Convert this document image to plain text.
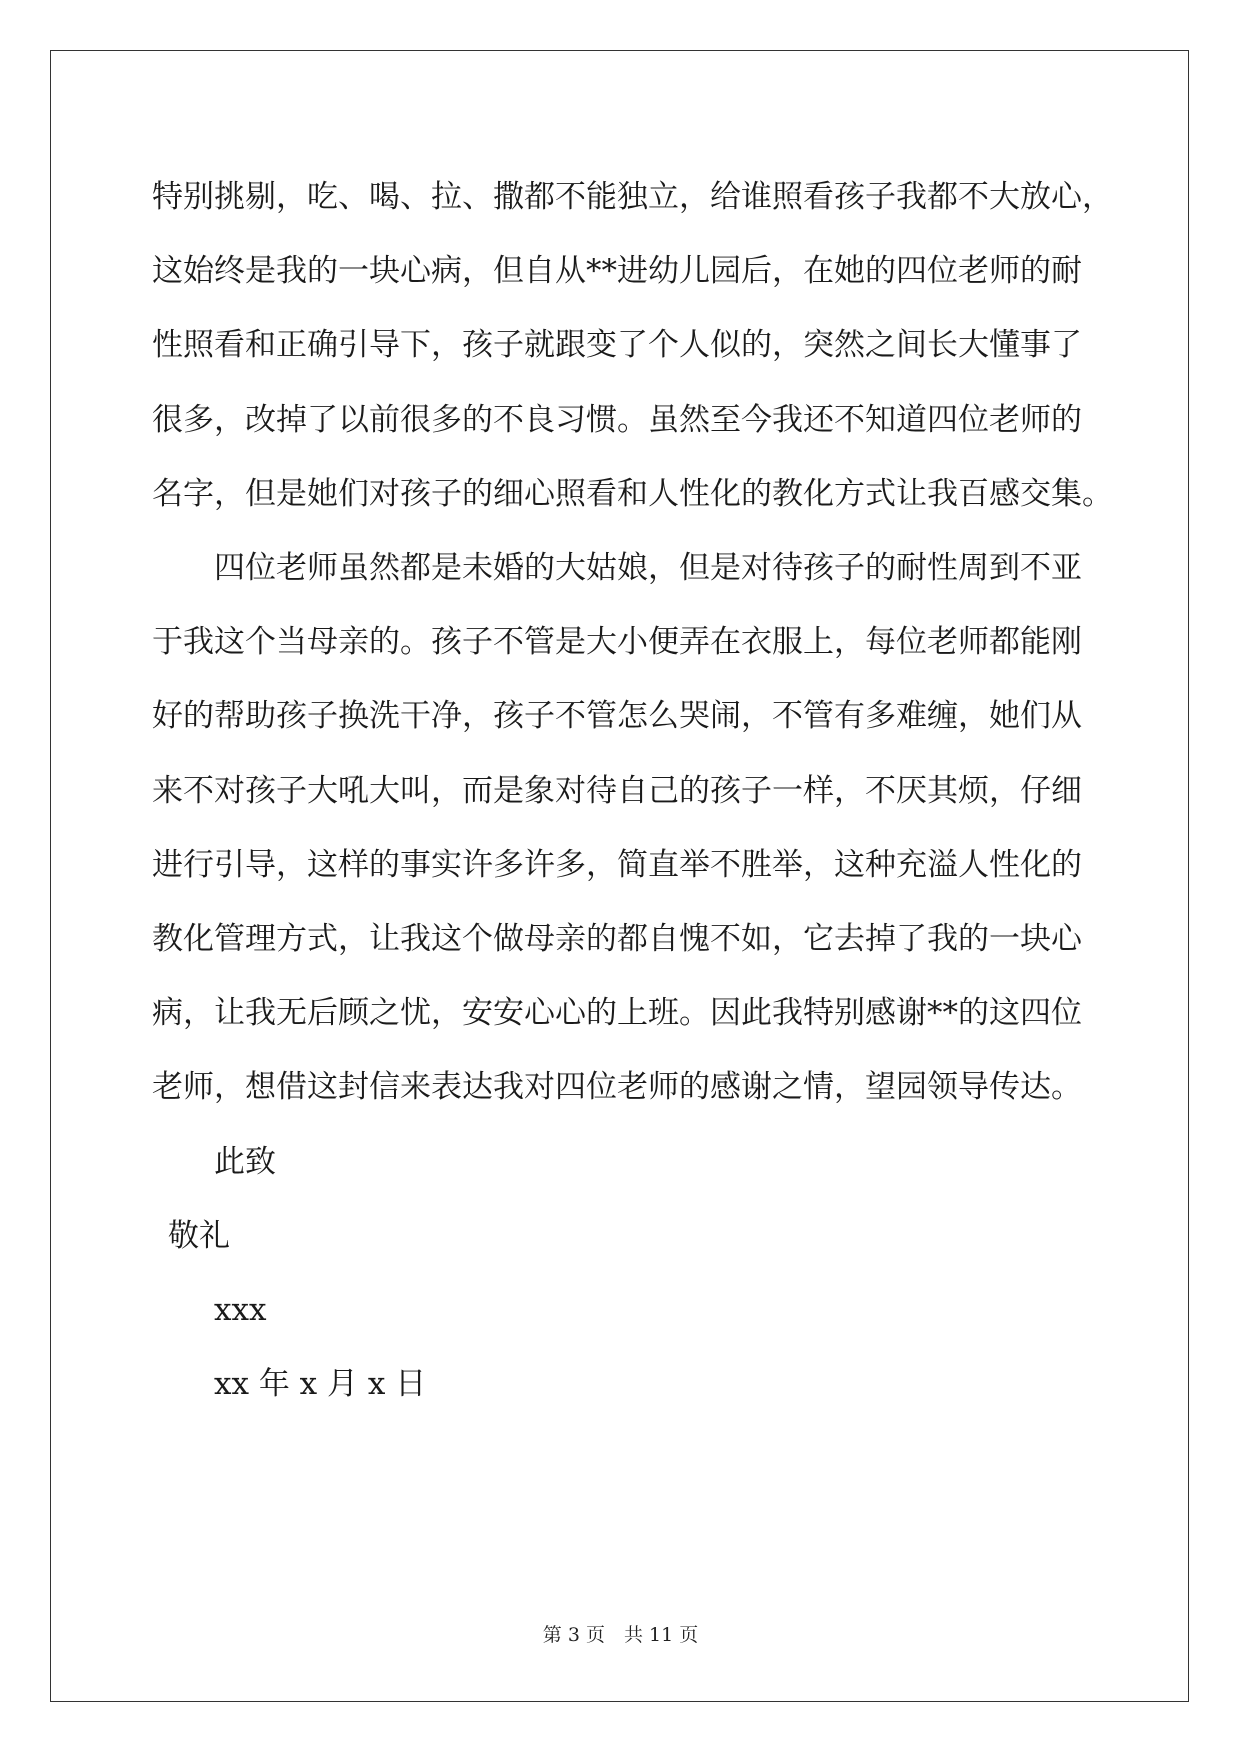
特别挑剔，吃、喝、拉、撒都不能独立，给谁照看孩子我都不大放心，
这始终是我的一块心病，但自从**进幼儿园后，在她的四位老师的耐
性照看和正确引导下，孩子就跟变了个人似的，突然之间长大懂事了
很多，改掉了以前很多的不良习惯。虽然至今我还不知道四位老师的
名字，但是她们对孩子的细心照看和人性化的教化方式让我百感交集。
四位老师虽然都是未婚的大姑娘，但是对待孩子的耐性周到不亚
于我这个当母亲的。孩子不管是大小便弄在衣服上，每位老师都能刚
好的帮助孩子换洗干净，孩子不管怎么哭闹，不管有多难缠，她们从
来不对孩子大吼大叫，而是象对待自己的孩子一样，不厌其烦，仔细
进行引导，这样的事实许多许多，简直举不胜举，这种充溢人性化的
教化管理方式，让我这个做母亲的都自愧不如，它去掉了我的一块心
病，让我无后顾之忧，安安心心的上班。因此我特别感谢**的这四位
老师，想借这封信来表达我对四位老师的感谢之情，望园领导传达。
此致
敬礼
xxx
xx 年 x 月 x 日
第 3 页　共 11 页
